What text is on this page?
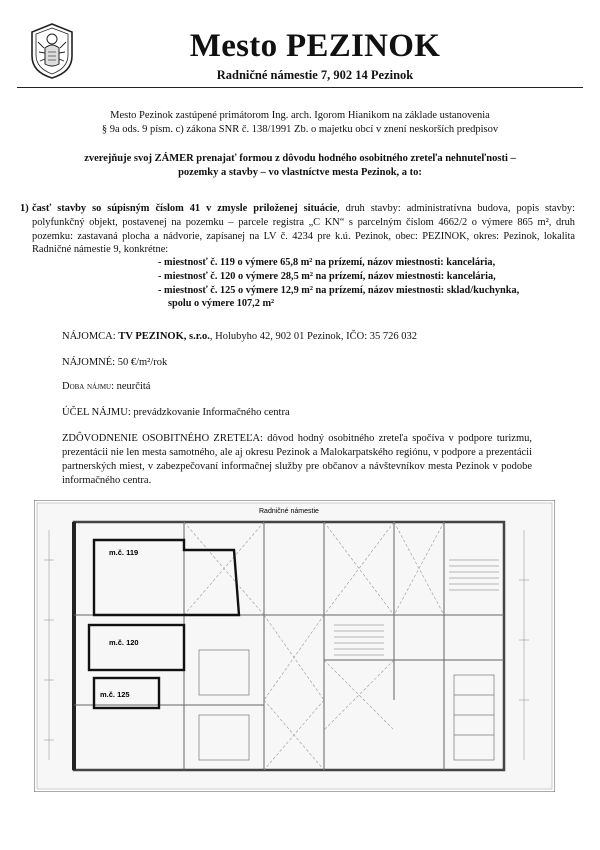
Mesto PEZINOK
Radničné námestie 7, 902 14 Pezinok
Mesto Pezinok zastúpené primátorom Ing. arch. Igorom Hianikom na základe ustanovenia
§ 9a ods. 9 písm. c) zákona SNR č. 138/1991 Zb. o majetku obcí v znení neskorších predpisov
zverejňuje svoj ZÁMER prenajať formou z dôvodu hodného osobitného zreteľa nehnuteľnosti –
pozemky a stavby – vo vlastníctve mesta Pezinok, a to:
1) časť stavby so súpisným číslom 41 v zmysle priloženej situácie, druh stavby: administratívna budova, popis stavby: polyfunkčný objekt, postavenej na pozemku – parcele registra „C KN“ s parcelným číslom 4662/2 o výmere 865 m², druh pozemku: zastavaná plocha a nádvorie, zapísanej na LV č. 4234 pre k.ú. Pezinok, obec: PEZINOK, okres: Pezinok, lokalita Radničné námestie 9, konkrétne:
- miestnosť č. 119 o výmere 65,8 m² na prízemí, názov miestnosti: kancelária,
- miestnosť č. 120 o výmere 28,5 m² na prízemí, názov miestnosti: kancelária,
- miestnosť č. 125 o výmere 12,9 m² na prízemí, názov miestnosti: sklad/kuchynka,
spolu o výmere 107,2 m²
NÁJOMCA: TV PEZINOK, s.r.o., Holubyho 42, 902 01 Pezinok, IČO: 35 726 032
NÁJOMNÉ: 50 €/m²/rok
Doba nájmu: neurčitá
ÚČEL NÁJMU: prevádzkovanie Informačného centra
ZDÔVODNENIE OSOBITNÉHO ZRETEĽA: dôvod hodný osobitného zreteľa spočíva v podpore turizmu, prezentácii nie len mesta samotného, ale aj okresu Pezinok a Malokarpatského regiónu, v podpore a prezentácii partnerských miest, v zabezpečovaní informačnej služby pre občanov a návštevníkov mesta Pezinok v podobe informačného centra.
Radničné námestie
m.č. 119
m.č. 120
m.č. 125
